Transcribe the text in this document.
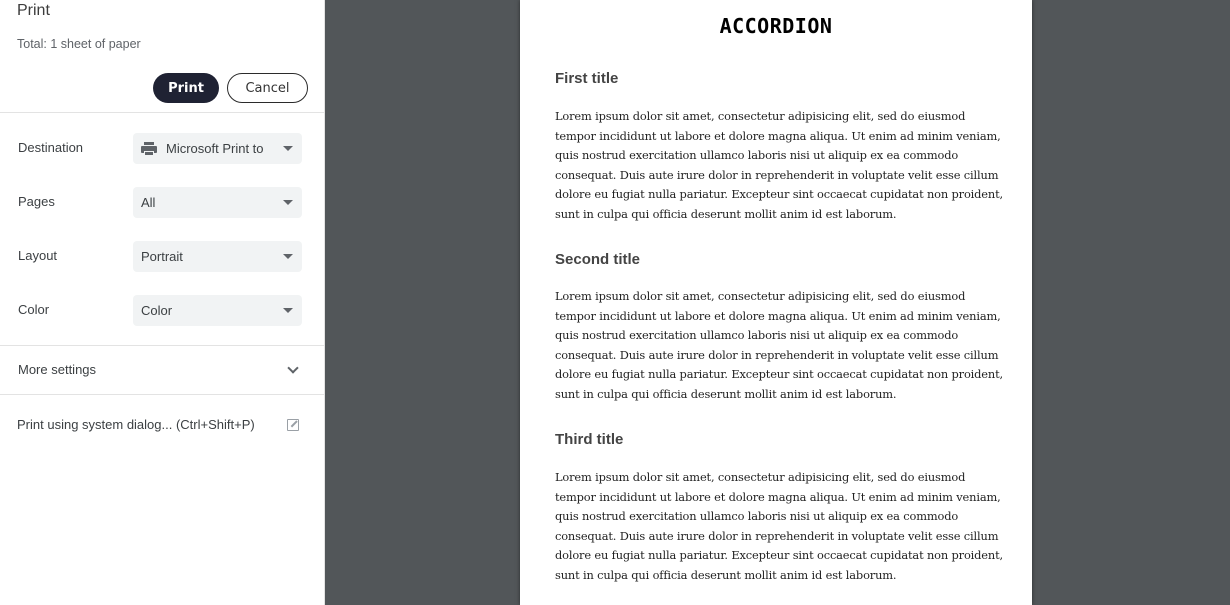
Print
Total: 1 sheet of paper
Print	Cancel
Destination	Microsoft Print to
Pages	All
Layout	Portrait
Color	Color
More settings
Print using system dialog... (Ctrl+Shift+P)
ACCORDION
First title
Lorem ipsum dolor sit amet, consectetur adipisicing elit, sed do eiusmod tempor incididunt ut labore et dolore magna aliqua. Ut enim ad minim veniam, quis nostrud exercitation ullamco laboris nisi ut aliquip ex ea commodo consequat. Duis aute irure dolor in reprehenderit in voluptate velit esse cillum dolore eu fugiat nulla pariatur. Excepteur sint occaecat cupidatat non proident, sunt in culpa qui officia deserunt mollit anim id est laborum.
Second title
Lorem ipsum dolor sit amet, consectetur adipisicing elit, sed do eiusmod tempor incididunt ut labore et dolore magna aliqua. Ut enim ad minim veniam, quis nostrud exercitation ullamco laboris nisi ut aliquip ex ea commodo consequat. Duis aute irure dolor in reprehenderit in voluptate velit esse cillum dolore eu fugiat nulla pariatur. Excepteur sint occaecat cupidatat non proident, sunt in culpa qui officia deserunt mollit anim id est laborum.
Third title
Lorem ipsum dolor sit amet, consectetur adipisicing elit, sed do eiusmod tempor incididunt ut labore et dolore magna aliqua. Ut enim ad minim veniam, quis nostrud exercitation ullamco laboris nisi ut aliquip ex ea commodo consequat. Duis aute irure dolor in reprehenderit in voluptate velit esse cillum dolore eu fugiat nulla pariatur. Excepteur sint occaecat cupidatat non proident, sunt in culpa qui officia deserunt mollit anim id est laborum.
